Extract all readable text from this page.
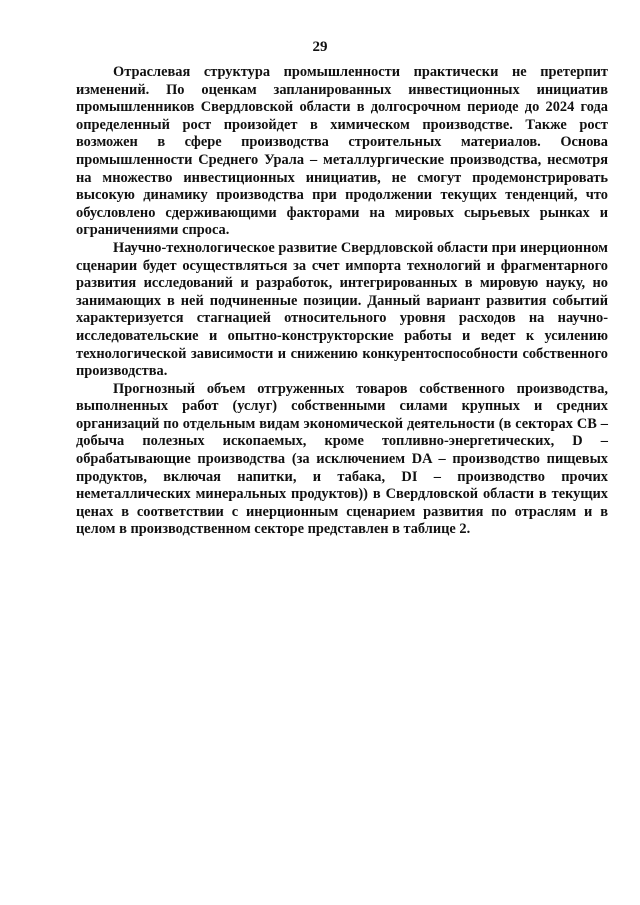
29

Отраслевая структура промышленности практически не претерпит изменений. По оценкам запланированных инвестиционных инициатив промышленников Свердловской области в долгосрочном периоде до 2024 года определенный рост произойдет в химическом производстве. Также рост возможен в сфере производства строительных материалов. Основа промышленности Среднего Урала – металлургические производства, несмотря на множество инвестиционных инициатив, не смогут продемонстрировать высокую динамику производства при продолжении текущих тенденций, что обусловлено сдерживающими факторами на мировых сырьевых рынках и ограничениями спроса.

Научно-технологическое развитие Свердловской области при инерционном сценарии будет осуществляться за счет импорта технологий и фрагментарного развития исследований и разработок, интегрированных в мировую науку, но занимающих в ней подчиненные позиции. Данный вариант развития событий характеризуется стагнацией относительного уровня расходов на научно-исследовательские и опытно-конструкторские работы и ведет к усилению технологической зависимости и снижению конкурентоспособности собственного производства.

Прогнозный объем отгруженных товаров собственного производства, выполненных работ (услуг) собственными силами крупных и средних организаций по отдельным видам экономической деятельности (в секторах СВ – добыча полезных ископаемых, кроме топливно-энергетических, D – обрабатывающие производства (за исключением DA – производство пищевых продуктов, включая напитки, и табака, DI – производство прочих неметаллических минеральных продуктов)) в Свердловской области в текущих ценах в соответствии с инерционным сценарием развития по отраслям и в целом в производственном секторе представлен в таблице 2.
